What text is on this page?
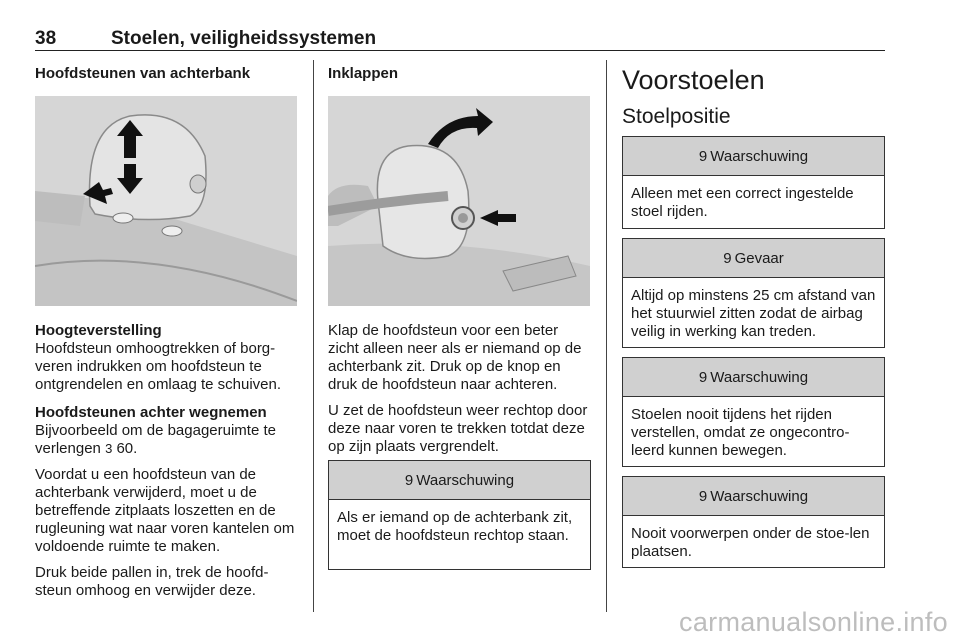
38	Stoelen, veiligheidssystemen

Hoofdsteunen van achterbank

Hoogteverstelling

Hoofdsteun omhoogtrekken of borg-veren indrukken om hoofdsteun te ontgrendelen en omlaag te schuiven.

Hoofdsteunen achter wegnemen

Bijvoorbeeld om de bagageruimte te verlengen 3 60.

Voordat u een hoofdsteun van de achterbank verwijderd, moet u de betreffende zitplaats loszetten en de rugleuning wat naar voren kantelen om voldoende ruimte te maken.

Druk beide pallen in, trek de hoofd-steun omhoog en verwijder deze.

Inklappen

Klap de hoofdsteun voor een beter zicht alleen neer als er niemand op de achterbank zit. Druk op de knop en druk de hoofdsteun naar achteren.

U zet de hoofdsteun weer rechtop door deze naar voren te trekken totdat deze op zijn plaats vergrendelt.

9 Waarschuwing
Als er iemand op de achterbank zit, moet de hoofdsteun rechtop staan.

Voorstoelen

Stoelpositie

9 Waarschuwing
Alleen met een correct ingestelde stoel rijden.
9 Gevaar
Altijd op minstens 25 cm afstand van het stuurwiel zitten zodat de airbag veilig in werking kan treden.
9 Waarschuwing
Stoelen nooit tijdens het rijden verstellen, omdat ze ongecontro-leerd kunnen bewegen.
9 Waarschuwing
Nooit voorwerpen onder de stoe-len plaatsen.
carmanualsonline.info
